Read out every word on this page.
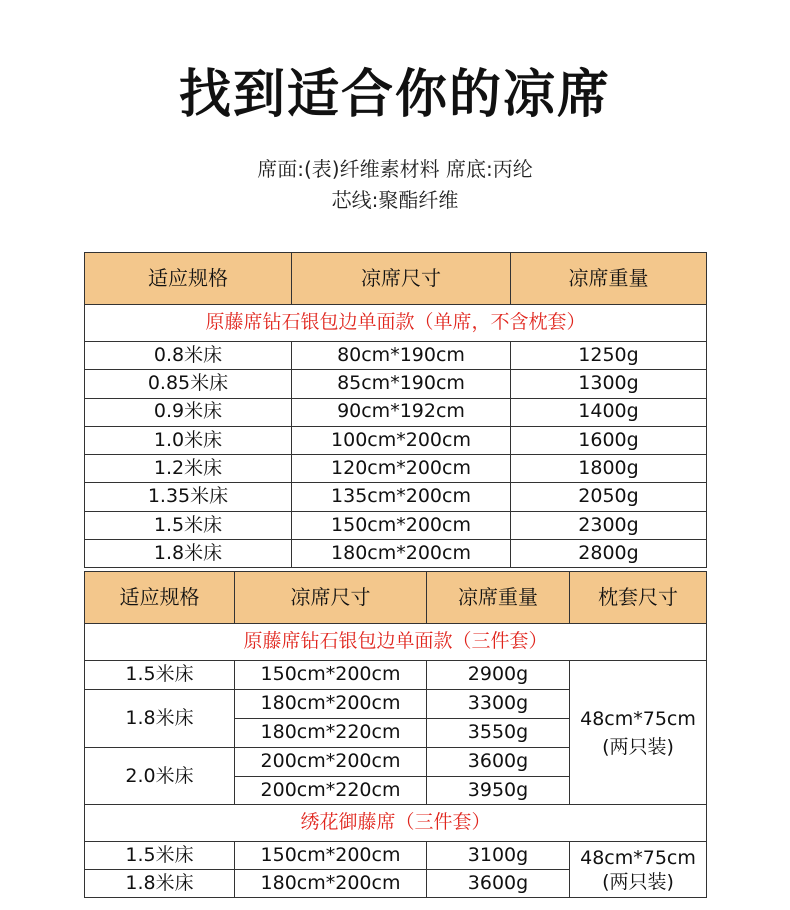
找到适合你的凉席
席面:(表)纤维素材料 席底:丙纶
芯线:聚酯纤维
适应规格	凉席尺寸	凉席重量
原藤席钻石银包边单面款（单席，不含枕套）		
0.8米床	80cm*190cm	1250g
0.85米床	85cm*190cm	1300g
0.9米床	90cm*192cm	1400g
1.0米床	100cm*200cm	1600g
1.2米床	120cm*200cm	1800g
1.35米床	135cm*200cm	2050g
1.5米床	150cm*200cm	2300g
1.8米床	180cm*200cm	2800g
适应规格	凉席尺寸	凉席重量	枕套尺寸
原藤席钻石银包边单面款（三件套）			
1.5米床	150cm*200cm	2900g	48cm*75cm
(两只装)

1.8米床	180cm*200cm	3300g	
	180cm*220cm	3550g	
2.0米床	200cm*200cm	3600g	
	200cm*220cm	3950g	
绣花御藤席（三件套）			
1.5米床	150cm*200cm	3100g	48cm*75cm
(两只装)

1.8米床	180cm*200cm	3600g	
